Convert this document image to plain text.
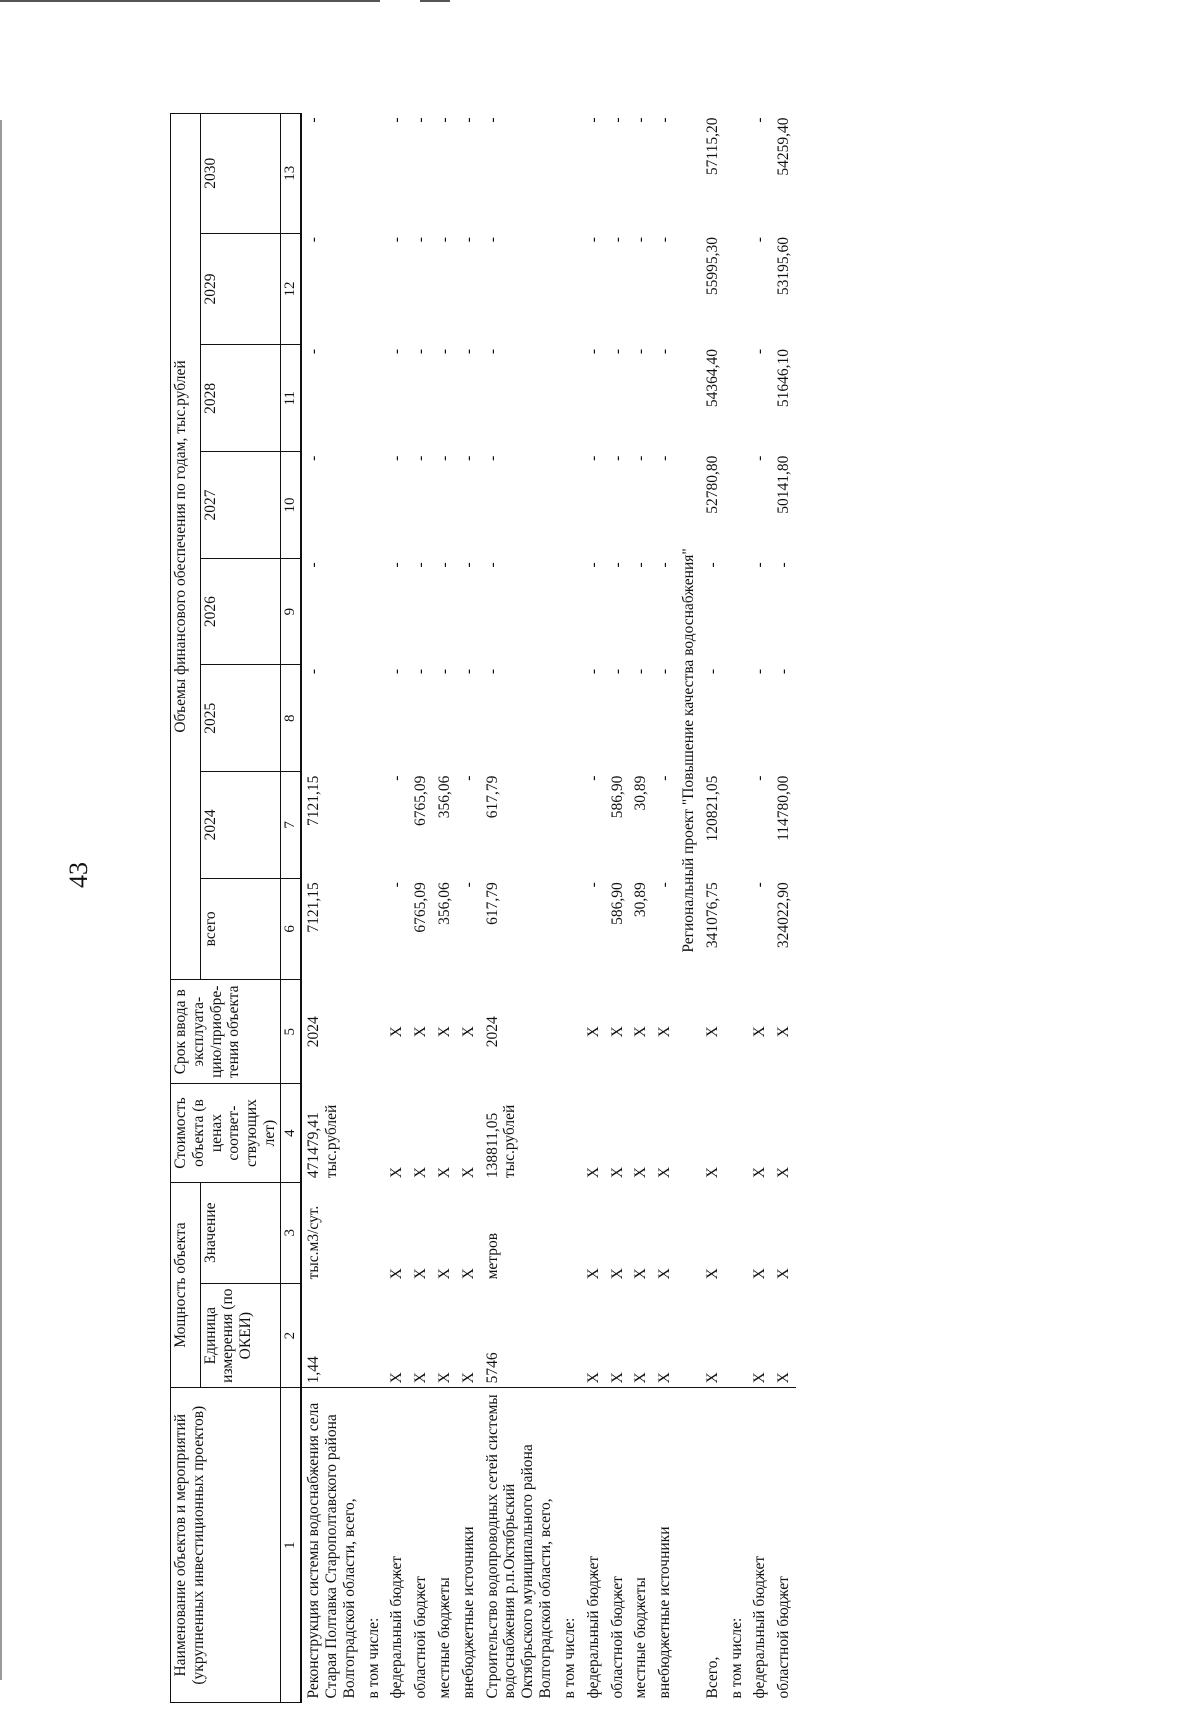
43
Наименование объектов и мероприятий (укрупненных инвестиционных проектов)	Мощность объекта		Стоимость объекта (в ценах соответ- ствующих лет)	Срок ввода в эксплуата- цию/приобре- тения объекта	Объемы финансового обеспечения по годам, тыс.рублей							
	Единица измерения (по ОКЕИ)	Значение			всего	2024	2025	2026	2027	2028	2029	2030
1	2	3	4	5	6	7	8	9	10	11	12	13
Реконструкция системы водоснабжения села Старая Полтавка Старополтавского района Волгоградской области, всего,	1,44	тыс.м3/сут.	471479,41 тыс.рублей	2024	7121,15	7121,15	-	-	-	-	-	-
в том числе:												
федеральный бюджет	Х	Х	Х	Х	-	-	-	-	-	-	-	-
областной бюджет	Х	Х	Х	Х	6765,09	6765,09	-	-	-	-	-	-
местные бюджеты	Х	Х	Х	Х	356,06	356,06	-	-	-	-	-	-
внебюджетные источники	Х	Х	Х	Х	-	-	-	-	-	-	-	-
Строительство водопроводных сетей системы водоснабжения р.п.Октябрьский Октябрьского муниципального района Волгоградской области, всего,	5746	метров	138811,05 тыс.рублей	2024	617,79	617,79	-	-	-	-	-	-
в том числе:												
федеральный бюджет	Х	Х	Х	Х	-	-	-	-	-	-	-	-
областной бюджет	Х	Х	Х	Х	586,90	586,90	-	-	-	-	-	-
местные бюджеты	Х	Х	Х	Х	30,89	30,89	-	-	-	-	-	-
внебюджетные источники	Х	Х	Х	Х	-	-	-	-	-	-	-	-
	Региональный проект "Повышение качества водоснабжения"											
Всего,	Х	Х	Х	Х	341076,75	120821,05	-	-	52780,80	54364,40	55995,30	57115,20
в том числе:												
федеральный бюджет	Х	Х	Х	Х	-	-	-	-	-	-	-	-
областной бюджет	Х	Х	Х	Х	324022,90	114780,00	-	-	50141,80	51646,10	53195,60	54259,40
